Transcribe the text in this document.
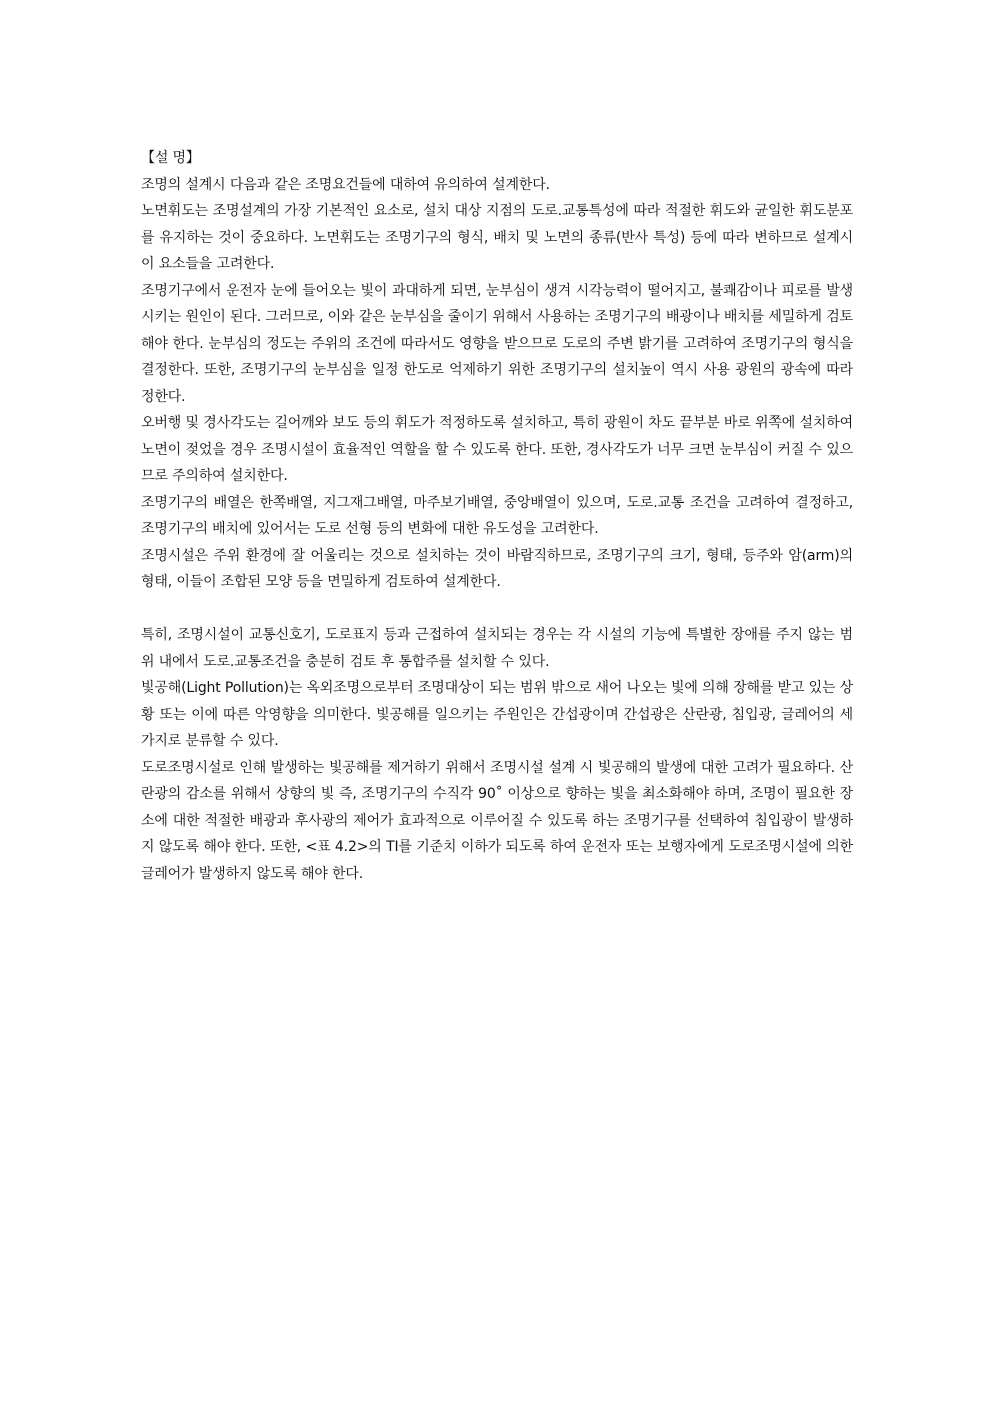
【설 명】

조명의 설계시 다음과 같은 조명요건들에 대하여 유의하여 설계한다.

노면휘도는 조명설계의 가장 기본적인 요소로, 설치 대상 지점의 도로.교통특성에 따라 적절한 휘도와 균일한 휘도분포를 유지하는 것이 중요하다. 노면휘도는 조명기구의 형식, 배치 및 노면의 종류(반사 특성) 등에 따라 변하므로 설계시 이 요소들을 고려한다.

조명기구에서 운전자 눈에 들어오는 빛이 과대하게 되면, 눈부심이 생겨 시각능력이 떨어지고, 불쾌감이나 피로를 발생시키는 원인이 된다. 그러므로, 이와 같은 눈부심을 줄이기 위해서 사용하는 조명기구의 배광이나 배치를 세밀하게 검토해야 한다. 눈부심의 정도는 주위의 조건에 따라서도 영향을 받으므로 도로의 주변 밝기를 고려하여 조명기구의 형식을 결정한다. 또한, 조명기구의 눈부심을 일정 한도로 억제하기 위한 조명기구의 설치높이 역시 사용 광원의 광속에 따라 정한다.

오버행 및 경사각도는 길어깨와 보도 등의 휘도가 적정하도록 설치하고, 특히 광원이 차도 끝부분 바로 위쪽에 설치하여 노면이 젖었을 경우 조명시설이 효율적인 역할을 할 수 있도록 한다. 또한, 경사각도가 너무 크면 눈부심이 커질 수 있으므로 주의하여 설치한다.

조명기구의 배열은 한쪽배열, 지그재그배열, 마주보기배열, 중앙배열이 있으며, 도로.교통 조건을 고려하여 결정하고, 조명기구의 배치에 있어서는 도로 선형 등의 변화에 대한 유도성을 고려한다.

조명시설은 주위 환경에 잘 어울리는 것으로 설치하는 것이 바람직하므로, 조명기구의 크기, 형태, 등주와 암(arm)의 형태, 이들이 조합된 모양 등을 면밀하게 검토하여 설계한다.

특히, 조명시설이 교통신호기, 도로표지 등과 근접하여 설치되는 경우는 각 시설의 기능에 특별한 장애를 주지 않는 범위 내에서 도로.교통조건을 충분히 검토 후 통합주를 설치할 수 있다.

빛공해(Light Pollution)는 옥외조명으로부터 조명대상이 되는 범위 밖으로 새어 나오는 빛에 의해 장해를 받고 있는 상황 또는 이에 따른 악영향을 의미한다. 빛공해를 일으키는 주원인은 간섭광이며 간섭광은 산란광, 침입광, 글레어의 세 가지로 분류할 수 있다.

도로조명시설로 인해 발생하는 빛공해를 제거하기 위해서 조명시설 설계 시 빛공해의 발생에 대한 고려가 필요하다. 산란광의 감소를 위해서 상향의 빛 즉, 조명기구의 수직각 90˚ 이상으로 향하는 빛을 최소화해야 하며, 조명이 필요한 장소에 대한 적절한 배광과 후사광의 제어가 효과적으로 이루어질 수 있도록 하는 조명기구를 선택하여 침입광이 발생하지 않도록 해야 한다. 또한, <표 4.2>의 TI를 기준치 이하가 되도록 하여 운전자 또는 보행자에게 도로조명시설에 의한 글레어가 발생하지 않도록 해야 한다.
